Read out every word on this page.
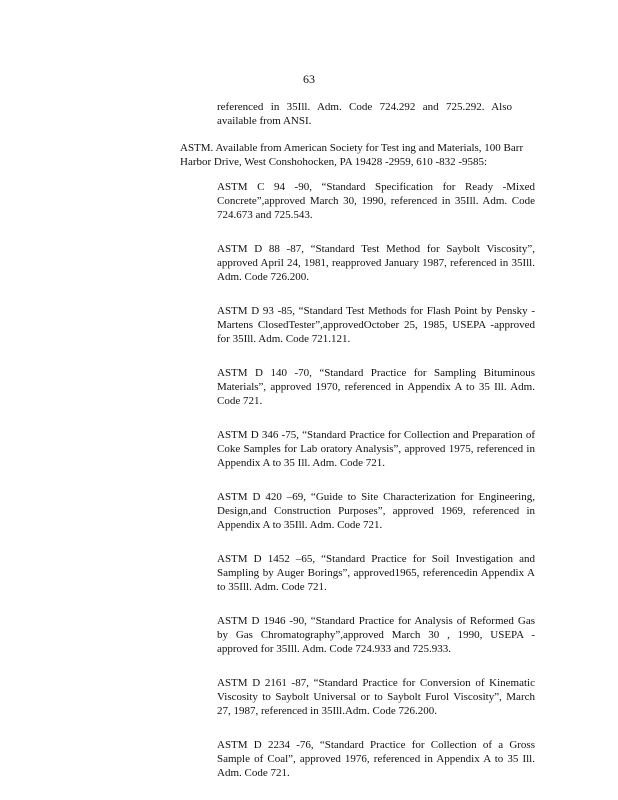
63
referenced in 35Ill. Adm. Code 724.292 and 725.292. Also available from ANSI.
ASTM. Available from American Society for Test ing and Materials, 100 Barr Harbor Drive, West Conshohocken, PA 19428 -2959, 610 -832 -9585:

ASTM C 94 -90, “Standard Specification for Ready -Mixed Concrete”,approved March 30, 1990, referenced in 35Ill. Adm. Code 724.673 and 725.543.

ASTM D 88 -87, “Standard Test Method for Saybolt Viscosity”, approved April 24, 1981, reapproved January 1987, referenced in 35Ill. Adm. Code 726.200.

ASTM D 93 -85, “Standard Test Methods for Flash Point by Pensky -Martens ClosedTester”,approvedOctober 25, 1985, USEPA -approved for 35Ill. Adm. Code 721.121.

ASTM D 140 -70, “Standard Practice for Sampling Bituminous Materials”, approved 1970, referenced in Appendix A to 35 Ill. Adm. Code 721.

ASTM D 346 -75, “Standard Practice for Collection and Preparation of Coke Samples for Lab oratory Analysis”, approved 1975, referenced in Appendix A to 35 Ill. Adm. Code 721.

ASTM D 420 –69, “Guide to Site Characterization for Engineering, Design,and Construction Purposes”, approved 1969, referenced in Appendix A to 35Ill. Adm. Code 721.

ASTM D 1452 –65, “Standard Practice for Soil Investigation and Sampling by Auger Borings”, approved1965, referencedin Appendix A to 35Ill. Adm. Code 721.

ASTM D 1946 -90, “Standard Practice for Analysis of Reformed Gas by Gas Chromatography”,approved March 30 , 1990, USEPA -approved for 35Ill. Adm. Code 724.933 and 725.933.

ASTM D 2161 -87, “Standard Practice for Conversion of Kinematic Viscosity to Saybolt Universal or to Saybolt Furol Viscosity”, March 27, 1987, referenced in 35Ill.Adm. Code 726.200.

ASTM D 2234 -76, “Standard Practice for Collection of a Gross Sample of Coal”, approved 1976, referenced in Appendix A to 35 Ill. Adm. Code 721.
